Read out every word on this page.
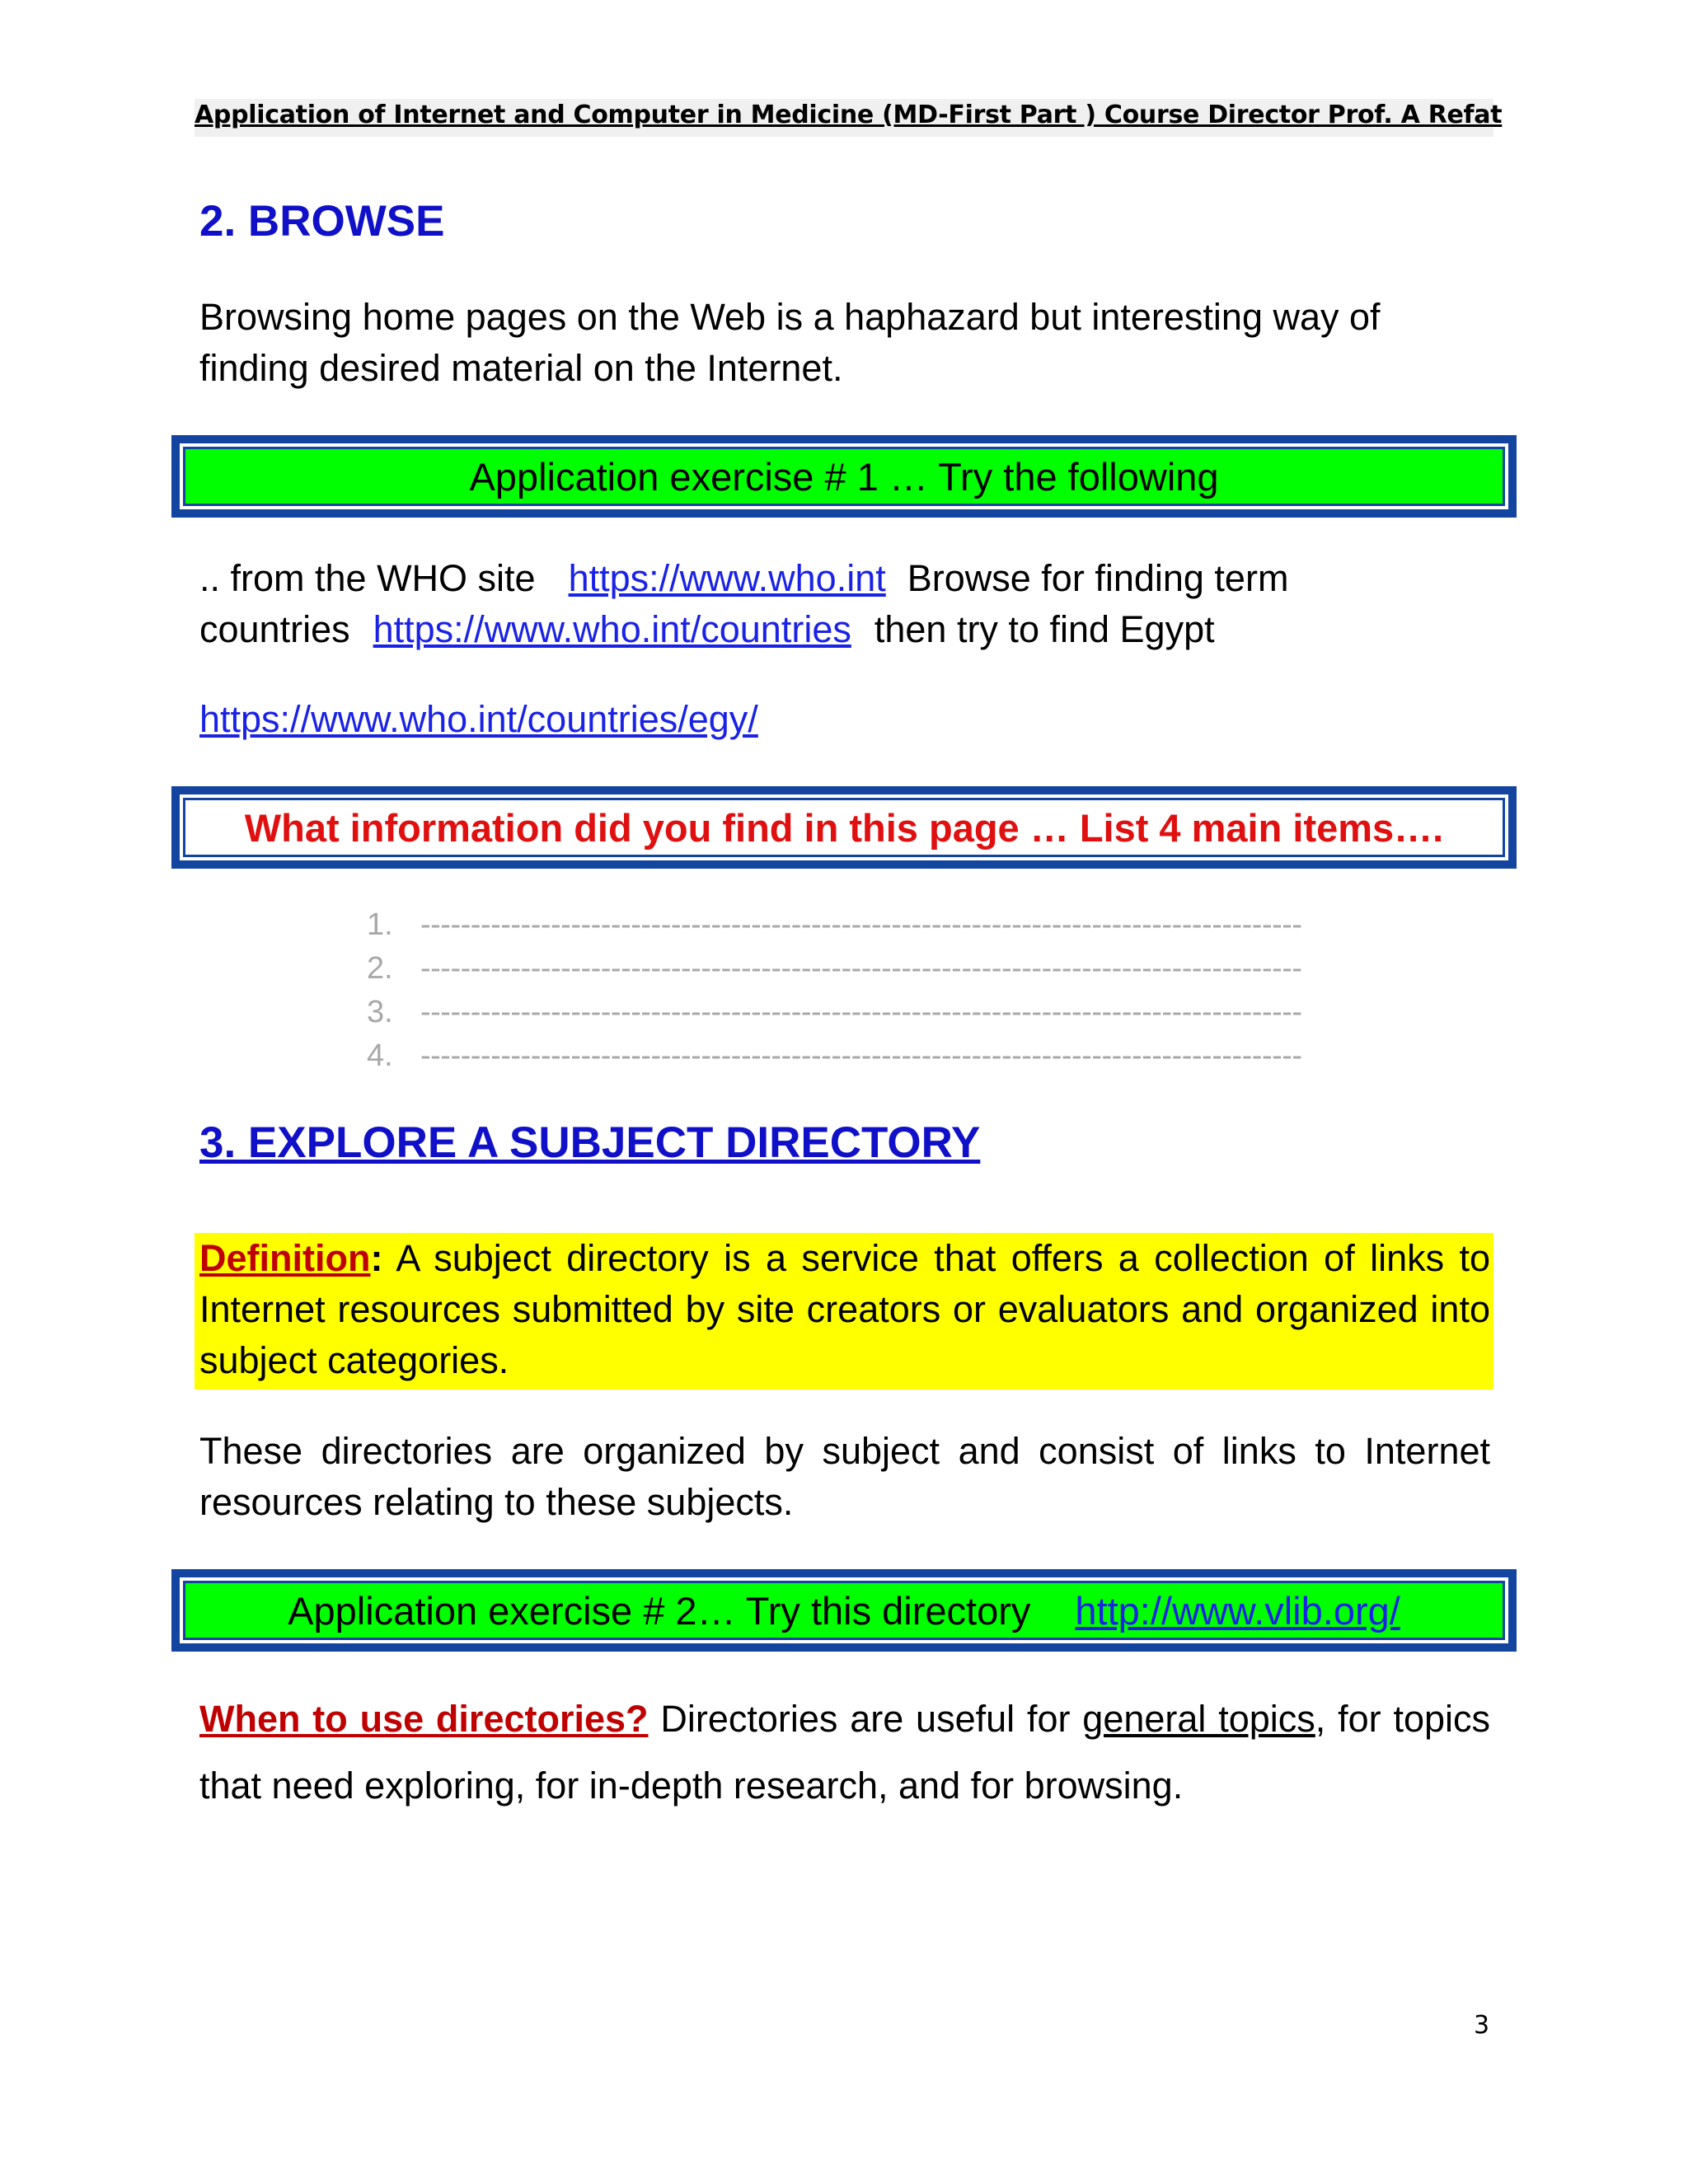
Application of Internet and Computer in Medicine (MD-First Part ) Course Director Prof. A Refat
2. BROWSE
Browsing home pages on the Web is a haphazard but interesting way of finding desired material on the Internet.
Application exercise # 1 … Try the following
.. from the WHO site https://www.who.int Browse for finding term
countries https://www.who.int/countries then try to find Egypt
https://www.who.int/countries/egy/
What information did you find in this page … List 4 main items….
1. ----------------------------------------------------------------------------------------
2. ----------------------------------------------------------------------------------------
3. ----------------------------------------------------------------------------------------
4. ----------------------------------------------------------------------------------------
3. EXPLORE A SUBJECT DIRECTORY
Definition: A subject directory is a service that offers a collection of links to Internet resources submitted by site creators or evaluators and organized into subject categories.
These directories are organized by subject and consist of links to Internet resources relating to these subjects.
Application exercise # 2… Try this directory http://www.vlib.org/
When to use directories? Directories are useful for general topics, for topics that need exploring, for in-depth research, and for browsing.
3
